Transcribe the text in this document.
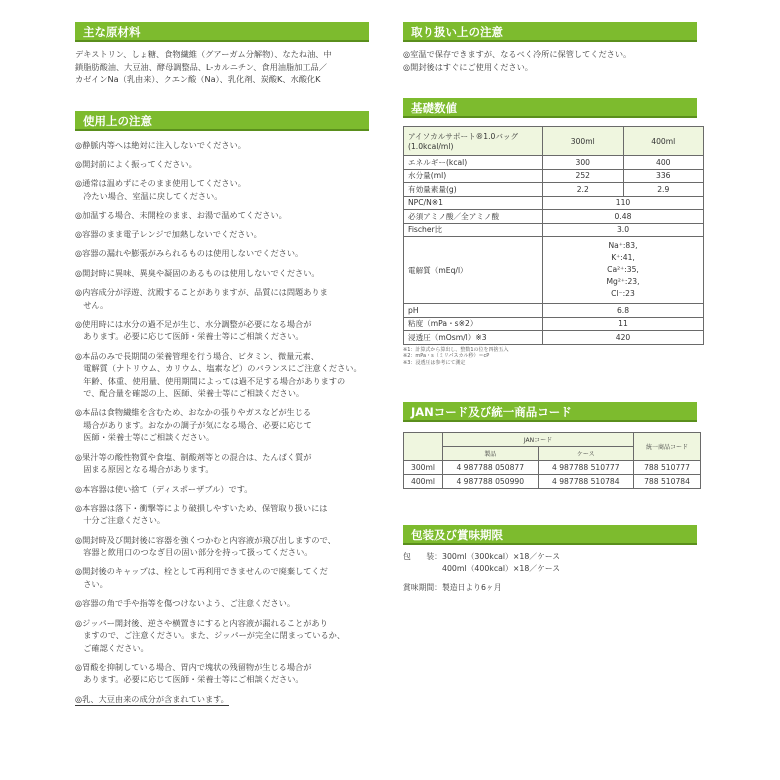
主な原材料

デキストリン、しょ糖、食物繊維（グアーガム分解物）、なたね油、中

鎖脂肪酸油、大豆油、酵母調整品、L-カルニチン、食用油脂加工品／

カゼインNa（乳由来）、クエン酸（Na）、乳化剤、炭酸K、水酸化K

使用上の注意
◎静脈内等へは絶対に注入しないでください。
◎開封前によく振ってください。
◎通常は温めずにそのまま使用してください。
　冷たい場合、室温に戻してください。
◎加温する場合、未開栓のまま、お湯で温めてください。
◎容器のまま電子レンジで加熱しないでください。
◎容器の漏れや膨張がみられるものは使用しないでください。
◎開封時に異味、異臭や凝固のあるものは使用しないでください。
◎内容成分が浮遊、沈殿することがありますが、品質には問題ありま
　せん。
◎使用時には水分の過不足が生じ、水分調整が必要になる場合が
　あります。必要に応じて医師・栄養士等にご相談ください。
◎本品のみで長期間の栄養管理を行う場合、ビタミン、微量元素、
　電解質（ナトリウム、カリウム、塩素など）のバランスにご注意ください。
　年齢、体重、使用量、使用期間によっては過不足する場合がありますの
　で、配合量を確認の上、医師、栄養士等にご相談ください。
◎本品は食物繊維を含むため、おなかの張りやガスなどが生じる
　場合があります。おなかの調子が気になる場合、必要に応じて
　医師・栄養士等にご相談ください。
◎果汁等の酸性物質や食塩、制酸剤等との混合は、たんぱく質が
　固まる原因となる場合があります。
◎本容器は使い捨て（ディスポーザブル）です。
◎本容器は落下・衝撃等により破損しやすいため、保管取り扱いには
　十分ご注意ください。
◎開封時及び開封後に容器を強くつかむと内容液が飛び出しますので、
　容器と飲用口のつなぎ目の固い部分を持って扱ってください。
◎開封後のキャップは、栓として再利用できませんので廃棄してくだ
　さい。
◎容器の角で手や指等を傷つけないよう、ご注意ください。
◎ジッパー開封後、逆さや横置きにすると内容液が漏れることがあり
　ますので、ご注意ください。また、ジッパーが完全に閉まっているか、
　ご確認ください。
◎胃酸を抑制している場合、胃内で塊状の残留物が生じる場合が
　あります。必要に応じて医師・栄養士等にご相談ください。
◎乳、大豆由来の成分が含まれています。
取り扱い上の注意

◎室温で保存できますが、なるべく冷所に保管してください。

◎開封後はすぐにご使用ください。

基礎数値
アイソカルサポート®1.0バッグ
(1.0kcal/ml)	300ml	400ml
エネルギー(kcal)	300	400
水分量(ml)	252	336
有効量素量(g)	2.2	2.9
NPC/N※1	110	
必須アミノ酸／全アミノ酸	0.48	
Fischer比	3.0	
電解質（mEq/l）	Na⁺:83,
K⁺:41,
Ca²⁺:35,
Mg²⁺:23,
Cl⁻:23	

pH	6.8	
粘度（mPa・s※2）	11	
浸透圧（mOsm/l）※3	420	
※1：計算式から算出し、整数1の位を四捨五入
※2：mPa・s（ミリパスカル秒）＝cP
※3：浸透圧は参考にて測定
JANコード及び統一商品コード
	JANコード		統一商品コード
	製品	ケース	
300ml	4 987788 050877	4 987788 510777	788 510777
400ml	4 987788 050990	4 987788 510784	788 510784
包装及び賞味期限
包　　装： 300ml（300kcal）×18／ケース
400ml（400kcal）×18／ケース
賞味期間：製造日より6ヶ月
